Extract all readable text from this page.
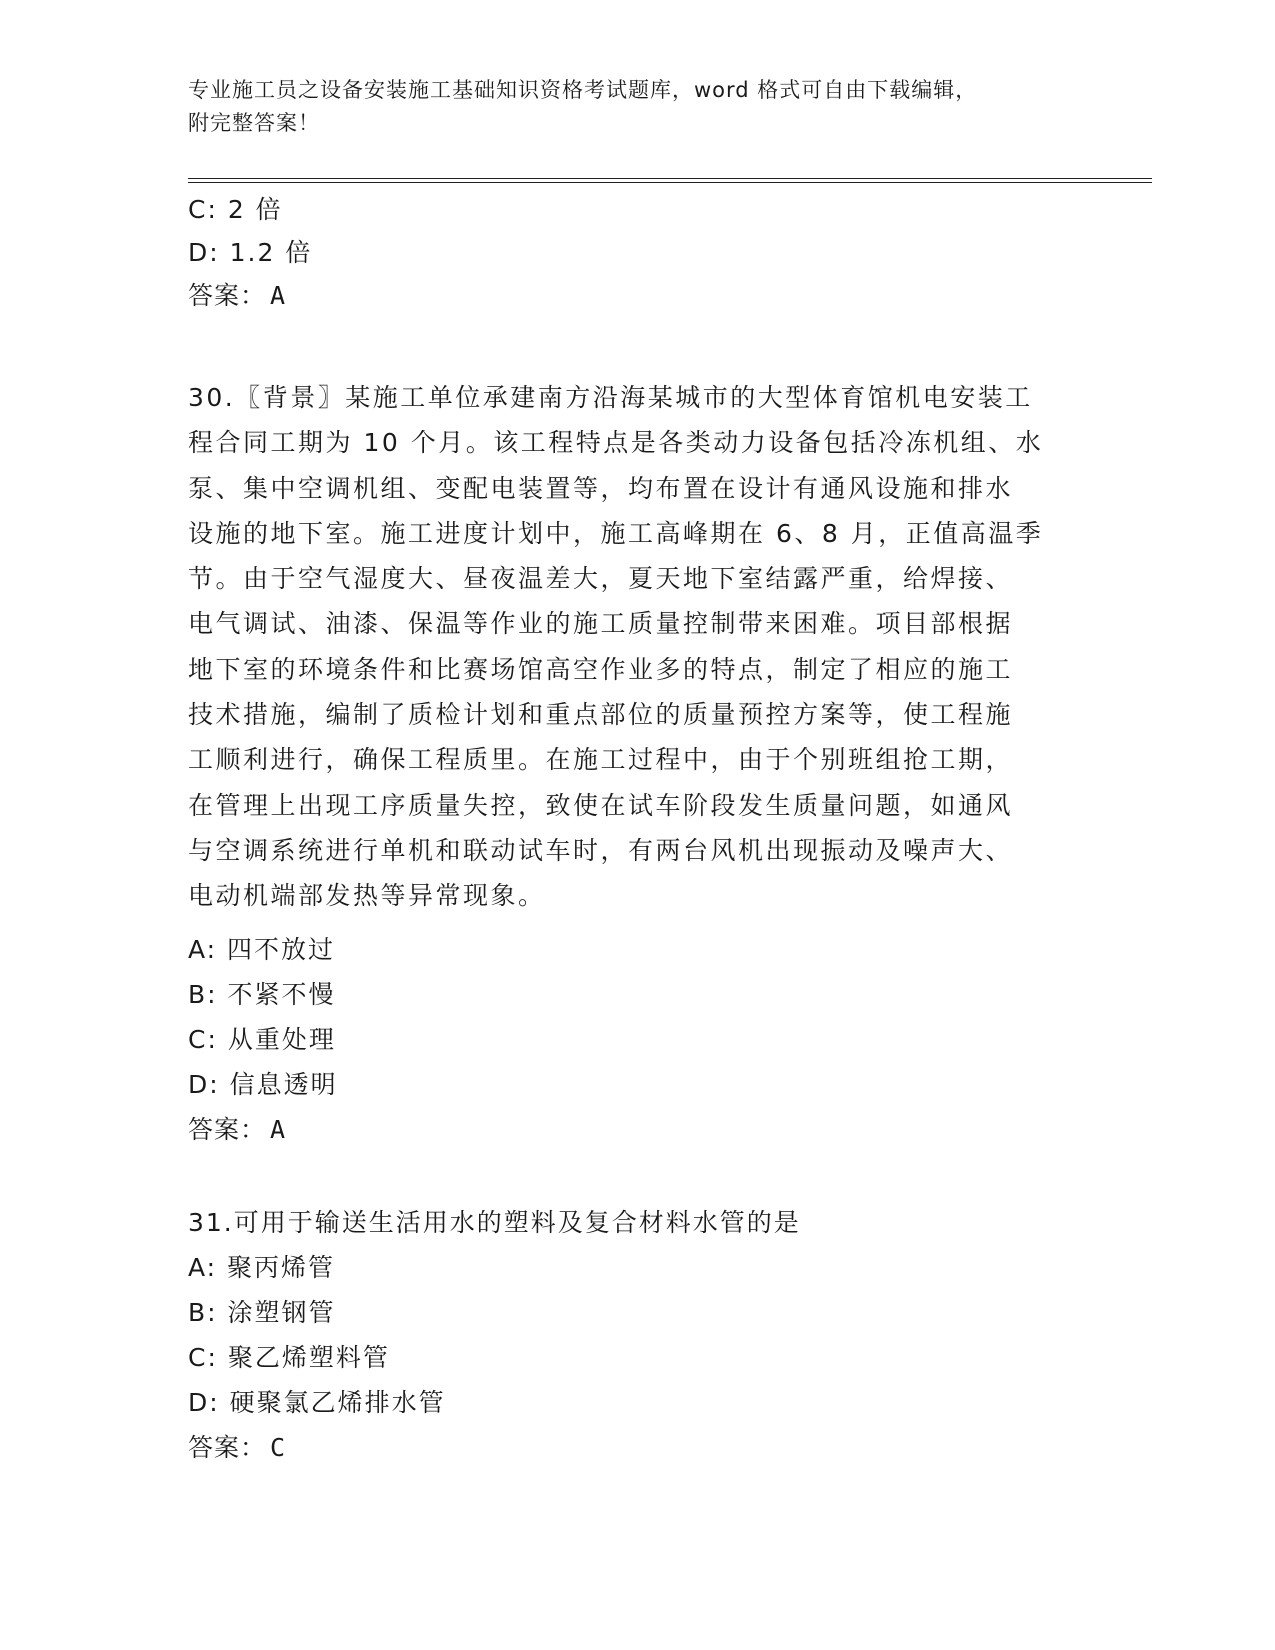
专业施工员之设备安装施工基础知识资格考试题库，word 格式可自由下载编辑，
附完整答案！
C: 2 倍
D: 1.2 倍
答案： A
30.〖背景〗某施工单位承建南方沿海某城市的大型体育馆机电安装工
程合同工期为 10 个月。该工程特点是各类动力设备包括冷冻机组、水
泵、集中空调机组、变配电装置等，均布置在设计有通风设施和排水
设施的地下室。施工进度计划中，施工高峰期在 6、8 月，正值高温季
节。由于空气湿度大、昼夜温差大，夏天地下室结露严重，给焊接、
电气调试、油漆、保温等作业的施工质量控制带来困难。项目部根据
地下室的环境条件和比赛场馆高空作业多的特点，制定了相应的施工
技术措施，编制了质检计划和重点部位的质量预控方案等，使工程施
工顺利进行，确保工程质里。在施工过程中，由于个别班组抢工期，
在管理上出现工序质量失控，致使在试车阶段发生质量问题，如通风
与空调系统进行单机和联动试车时，有两台风机出现振动及噪声大、
电动机端部发热等异常现象。
A: 四不放过
B: 不紧不慢
C: 从重处理
D: 信息透明
答案： A
31.可用于输送生活用水的塑料及复合材料水管的是
A: 聚丙烯管
B: 涂塑钢管
C: 聚乙烯塑料管
D: 硬聚氯乙烯排水管
答案： C
